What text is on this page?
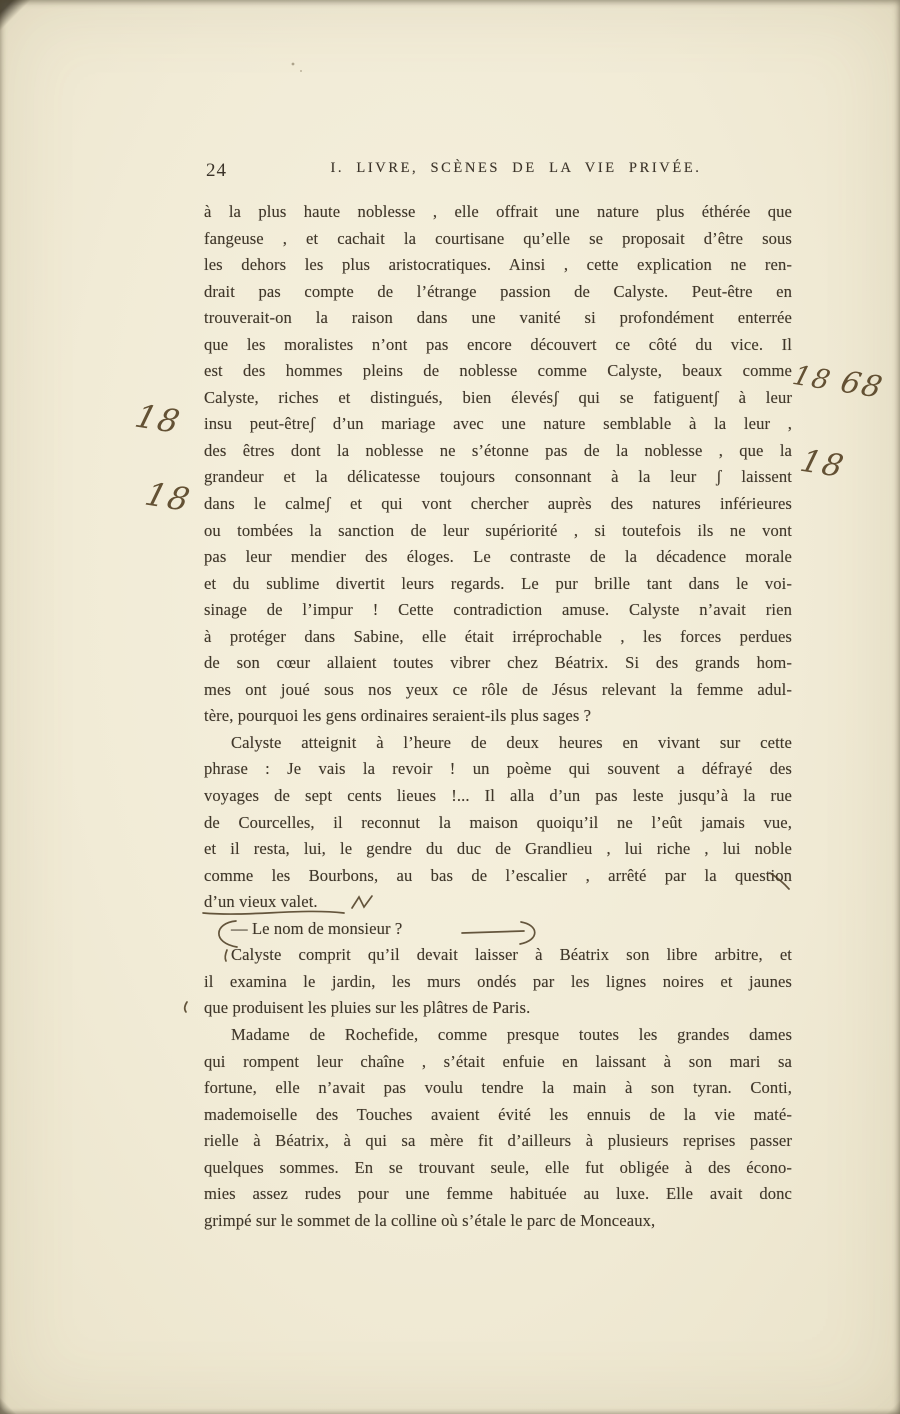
24	I. LIVRE, SCÈNES DE LA VIE PRIVÉE.
à la plus haute noblesse , elle offrait une nature plus éthérée que
fangeuse , et cachait la courtisane qu’elle se proposait d’être sous
les dehors les plus aristocratiques. Ainsi , cette explication ne ren-
drait pas compte de l’étrange passion de Calyste. Peut-être en
trouverait-on la raison dans une vanité si profondément enterrée
que les moralistes n’ont pas encore découvert ce côté du vice. Il
est des hommes pleins de noblesse comme Calyste, beaux comme
Calyste, riches et distingués, bien élevésʃ qui se fatiguentʃ à leur
insu peut-êtreʃ d’un mariage avec une nature semblable à la leur ,
des êtres dont la noblesse ne s’étonne pas de la noblesse , que la
grandeur et la délicatesse toujours consonnant à la leur ʃ laissent
dans le calmeʃ et qui vont chercher auprès des natures inférieures
ou tombées la sanction de leur supériorité , si toutefois ils ne vont
pas leur mendier des éloges. Le contraste de la décadence morale
et du sublime divertit leurs regards. Le pur brille tant dans le voi-
sinage de l’impur ! Cette contradiction amuse. Calyste n’avait rien
à protéger dans Sabine, elle était irréprochable , les forces perdues
de son cœur allaient toutes vibrer chez Béatrix. Si des grands hom-
mes ont joué sous nos yeux ce rôle de Jésus relevant la femme adul-
tère, pourquoi les gens ordinaires seraient-ils plus sages ?
Calyste atteignit à l’heure de deux heures en vivant sur cette
phrase : Je vais la revoir ! un poème qui souvent a défrayé des
voyages de sept cents lieues !... Il alla d’un pas leste jusqu’à la rue
de Courcelles, il reconnut la maison quoiqu’il ne l’eût jamais vue,
et il resta, lui, le gendre du duc de Grandlieu , lui riche , lui noble
comme les Bourbons, au bas de l’escalier , arrêté par la question
d’un vieux valet.
— Le nom de monsieur ?
Calyste comprit qu’il devait laisser à Béatrix son libre arbitre, et
il examina le jardin, les murs ondés par les lignes noires et jaunes
que produisent les pluies sur les plâtres de Paris.
Madame de Rochefide, comme presque toutes les grandes dames
qui rompent leur chaîne , s’était enfuie en laissant à son mari sa
fortune, elle n’avait pas voulu tendre la main à son tyran. Conti,
mademoiselle des Touches avaient évité les ennuis de la vie maté-
rielle à Béatrix, à qui sa mère fit d’ailleurs à plusieurs reprises passer
quelques sommes. En se trouvant seule, elle fut obligée à des écono-
mies assez rudes pour une femme habituée au luxe. Elle avait donc
grimpé sur le sommet de la colline où s’étale le parc de Monceaux,
1868
18
18
18
